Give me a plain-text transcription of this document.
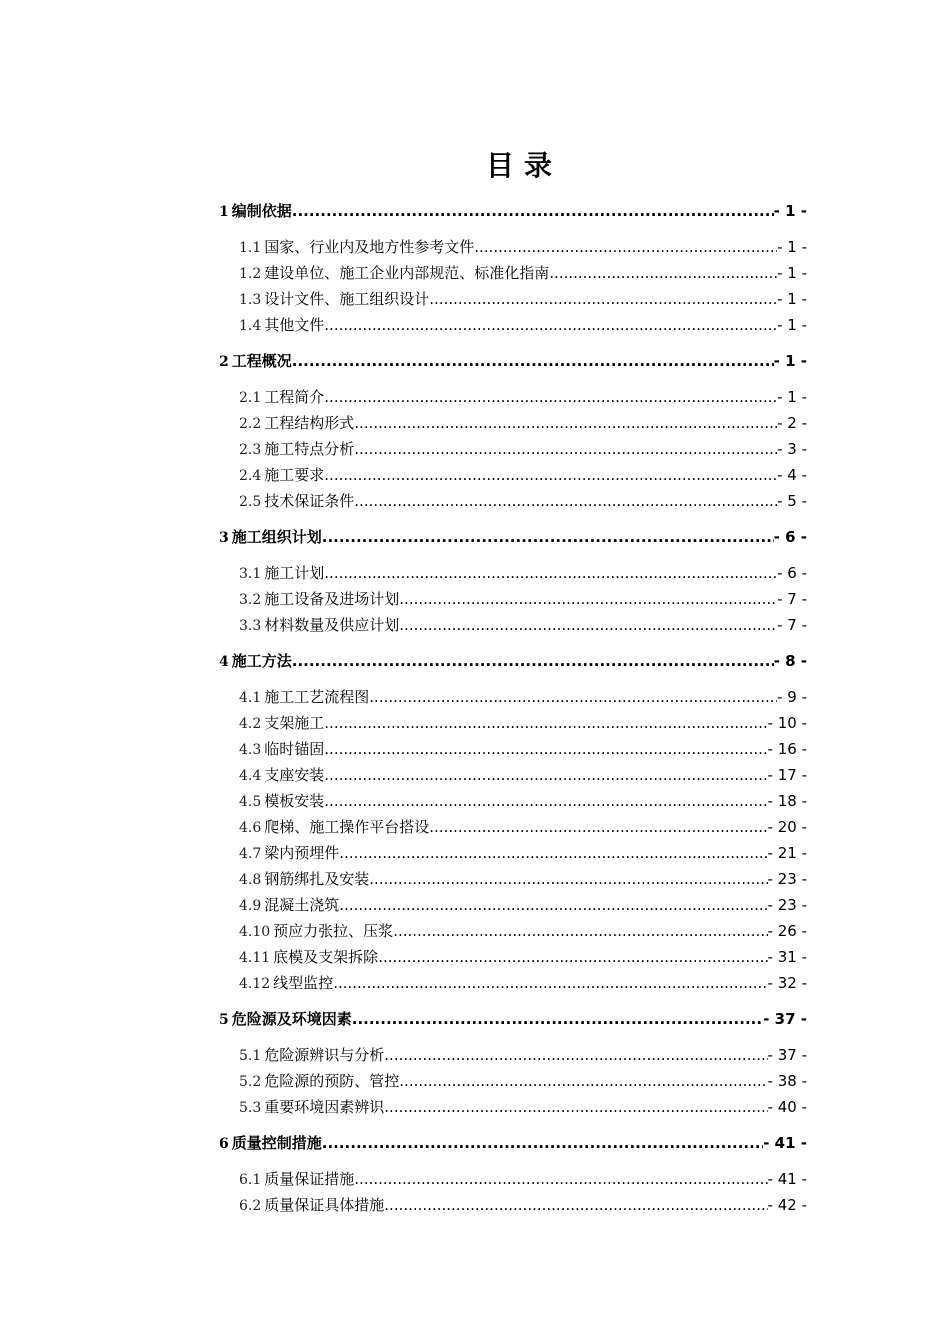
目录
1 编制依据 .....	- 1 -
1.1 国家、行业内及地方性参考文件 .....	- 1 -
1.2 建设单位、施工企业内部规范、标准化指南 .....	- 1 -
1.3 设计文件、施工组织设计 .....	- 1 -
1.4 其他文件 .....	- 1 -
2 工程概况 .....	- 1 -
2.1 工程简介 .....	- 1 -
2.2 工程结构形式 .....	- 2 -
2.3 施工特点分析 .....	- 3 -
2.4 施工要求 .....	- 4 -
2.5 技术保证条件 .....	- 5 -
3 施工组织计划 .....	- 6 -
3.1 施工计划 .....	- 6 -
3.2 施工设备及进场计划 .....	- 7 -
3.3 材料数量及供应计划 .....	- 7 -
4 施工方法 .....	- 8 -
4.1 施工工艺流程图 .....	- 9 -
4.2 支架施工 .....	- 10 -
4.3 临时锚固 .....	- 16 -
4.4 支座安装 .....	- 17 -
4.5 模板安装 .....	- 18 -
4.6 爬梯、施工操作平台搭设 .....	- 20 -
4.7 梁内预埋件 .....	- 21 -
4.8 钢筋绑扎及安装 .....	- 23 -
4.9 混凝土浇筑 .....	- 23 -
4.10 预应力张拉、压浆 .....	- 26 -
4.11 底模及支架拆除 .....	- 31 -
4.12 线型监控 .....	- 32 -
5 危险源及环境因素 .....	- 37 -
5.1 危险源辨识与分析 .....	- 37 -
5.2 危险源的预防、管控 .....	- 38 -
5.3 重要环境因素辨识 .....	- 40 -
6 质量控制措施 .....	- 41 -
6.1 质量保证措施 .....	- 41 -
6.2 质量保证具体措施 .....	- 42 -
